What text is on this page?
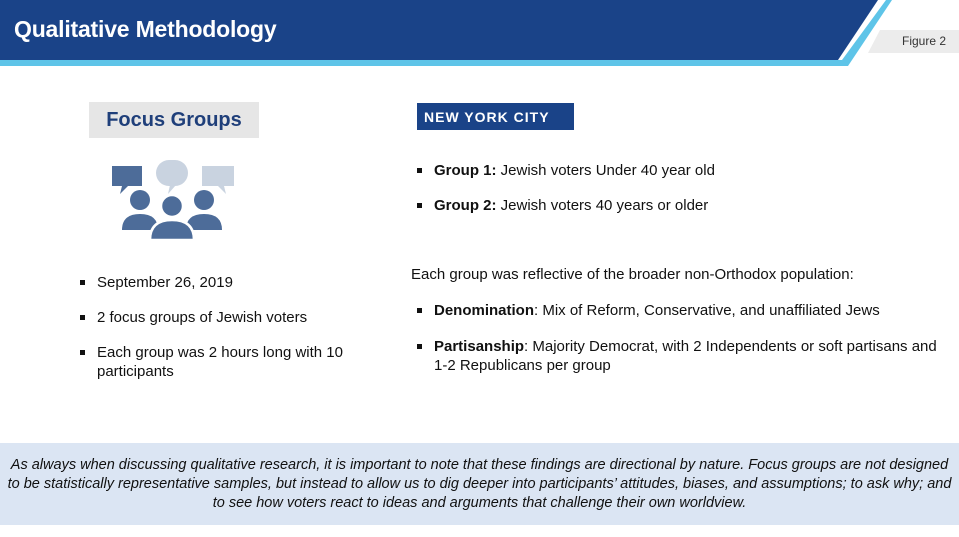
Qualitative Methodology	Figure 2
Focus Groups
September 26, 2019
2 focus groups of Jewish voters
Each group was 2 hours long with 10 participants
NEW YORK CITY
Group 1: Jewish voters Under 40 year old
Group 2: Jewish voters 40 years or older
Each group was reflective of the broader non-Orthodox population:
Denomination: Mix of Reform, Conservative, and unaffiliated Jews
Partisanship: Majority Democrat, with 2 Independents or soft partisans and 1-2 Republicans per group
As always when discussing qualitative research, it is important to note that these findings are directional by nature. Focus groups are not designed to be statistically representative samples, but instead to allow us to dig deeper into participants’ attitudes, biases, and assumptions; to ask why; and to see how voters react to ideas and arguments that challenge their own worldview.
